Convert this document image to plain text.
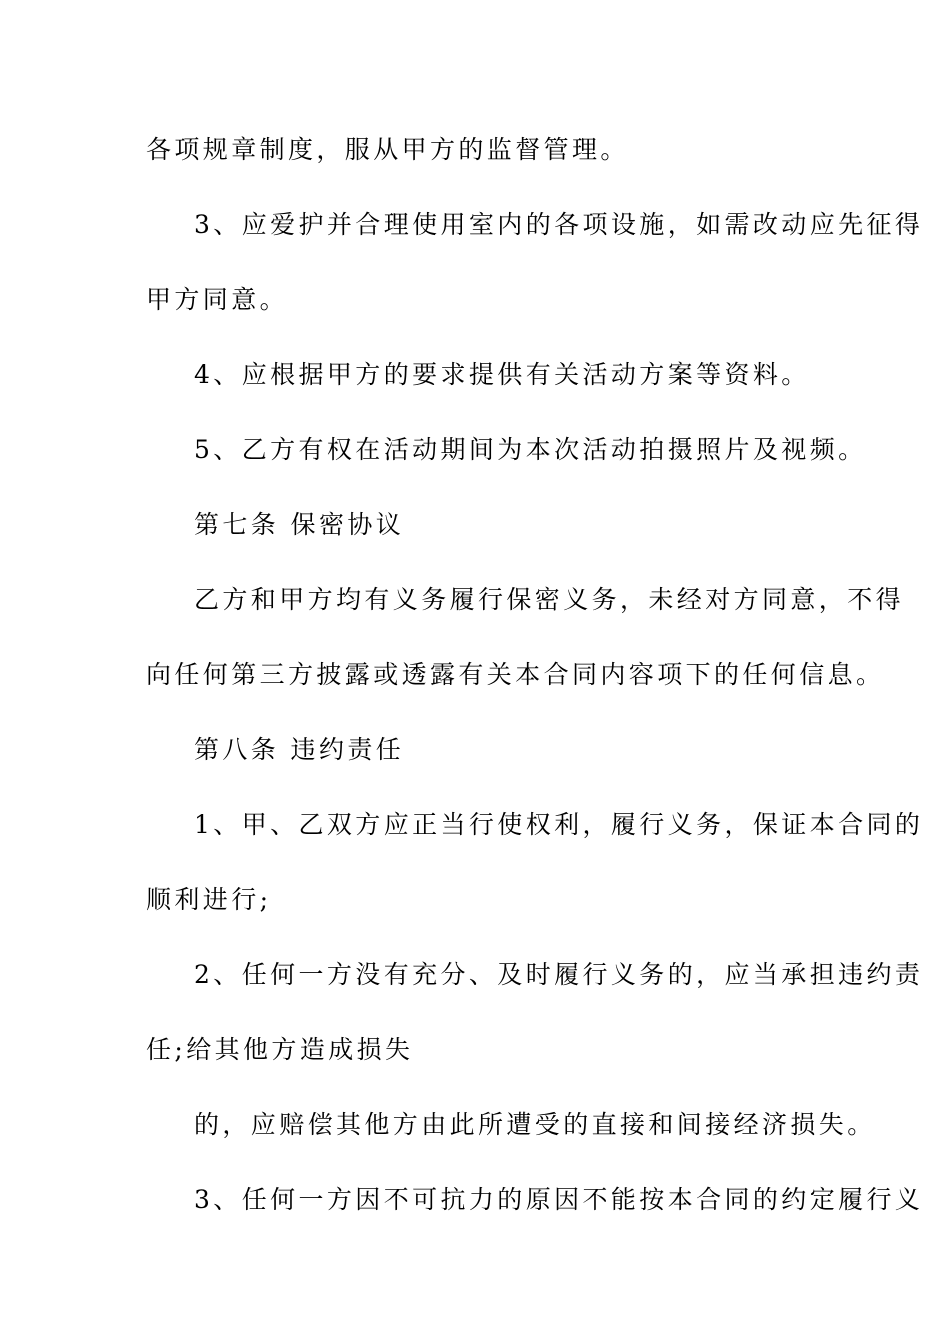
各项规章制度，服从甲方的监督管理。
3、应爱护并合理使用室内的各项设施，如需改动应先征得
甲方同意。
4、应根据甲方的要求提供有关活动方案等资料。
5、乙方有权在活动期间为本次活动拍摄照片及视频。
第七条 保密协议
乙方和甲方均有义务履行保密义务，未经对方同意，不得
向任何第三方披露或透露有关本合同内容项下的任何信息。
第八条 违约责任
1、甲、乙双方应正当行使权利，履行义务，保证本合同的
顺利进行;
2、任何一方没有充分、及时履行义务的，应当承担违约责
任;给其他方造成损失
的，应赔偿其他方由此所遭受的直接和间接经济损失。
3、任何一方因不可抗力的原因不能按本合同的约定履行义
